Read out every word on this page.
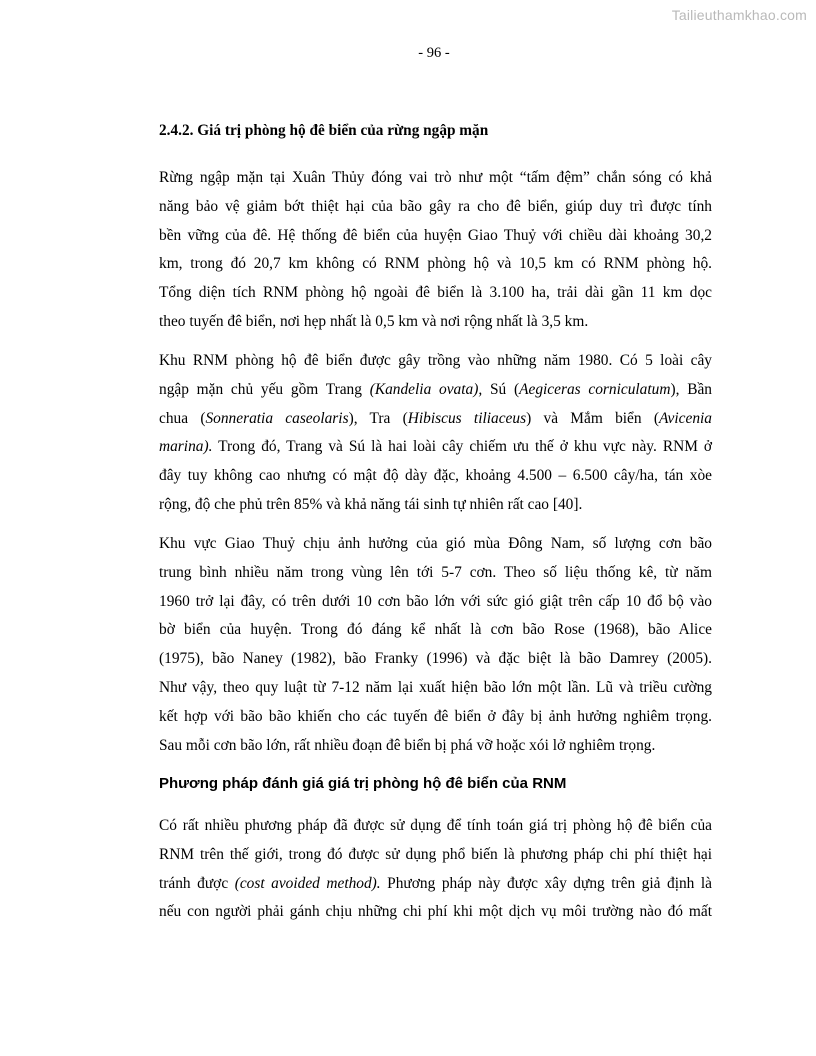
Tailieuthamkhao.com
- 96 -
2.4.2. Giá trị phòng hộ đê biển của rừng ngập mặn
Rừng ngập mặn tại Xuân Thủy đóng vai trò như một “tấm đệm” chắn sóng có khả
năng bảo vệ giảm bớt thiệt hại của bão gây ra cho đê biển, giúp duy trì được tính
bền vững của đê. Hệ thống đê biển của huyện Giao Thuỷ với chiều dài khoảng 30,2
km, trong đó 20,7 km không có RNM phòng hộ và 10,5 km có RNM phòng hộ.
Tổng diện tích RNM phòng hộ ngoài đê biển là 3.100 ha, trải dài gần 11 km dọc
theo tuyến đê biển, nơi hẹp nhất là 0,5 km và nơi rộng nhất là 3,5 km.
Khu RNM phòng hộ đê biển được gây trồng vào những năm 1980. Có 5 loài cây
ngập mặn chủ yếu gồm Trang (Kandelia ovata), Sú (Aegiceras corniculatum), Bần
chua (Sonneratia caseolaris), Tra (Hibiscus tiliaceus) và Mắm biển (Avicenia
marina). Trong đó, Trang và Sú là hai loài cây chiếm ưu thế ở khu vực này. RNM ở
đây tuy không cao nhưng có mật độ dày đặc, khoảng 4.500 – 6.500 cây/ha, tán xòe
rộng, độ che phủ trên 85% và khả năng tái sinh tự nhiên rất cao [40].
Khu vực Giao Thuỷ chịu ảnh hưởng của gió mùa Đông Nam, số lượng cơn bão
trung bình nhiều năm trong vùng lên tới 5-7 cơn. Theo số liệu thống kê, từ năm
1960 trở lại đây, có trên dưới 10 cơn bão lớn với sức gió giật trên cấp 10 đổ bộ vào
bờ biển của huyện. Trong đó đáng kể nhất là cơn bão Rose (1968), bão Alice
(1975), bão Naney (1982), bão Franky (1996) và đặc biệt là bão Damrey (2005).
Như vậy, theo quy luật từ 7-12 năm lại xuất hiện bão lớn một lần. Lũ và triều cường
kết hợp với bão bão khiến cho các tuyến đê biển ở đây bị ảnh hưởng nghiêm trọng.
Sau mỗi cơn bão lớn, rất nhiều đoạn đê biển bị phá vỡ hoặc xói lở nghiêm trọng.
Phương pháp đánh giá giá trị phòng hộ đê biển của RNM
Có rất nhiều phương pháp đã được sử dụng để tính toán giá trị phòng hộ đê biển của
RNM trên thế giới, trong đó được sử dụng phổ biến là phương pháp chi phí thiệt hại
tránh được (cost avoided method). Phương pháp này được xây dựng trên giả định là
nếu con người phải gánh chịu những chi phí khi một dịch vụ môi trường nào đó mất
